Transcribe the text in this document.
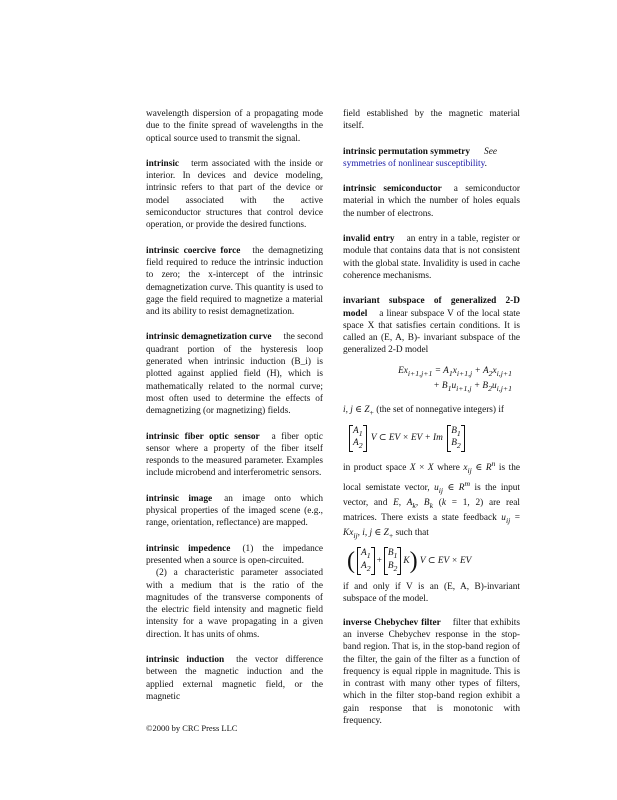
wavelength dispersion of a propagating mode due to the finite spread of wavelengths in the optical source used to transmit the signal.
intrinsic term associated with the inside or interior. In devices and device modeling, intrinsic refers to that part of the device or model associated with the active semiconductor structures that control device operation, or provide the desired functions.
intrinsic coercive force the demagnetizing field required to reduce the intrinsic induction to zero; the x-intercept of the intrinsic demagnetization curve. This quantity is used to gage the field required to magnetize a material and its ability to resist demagnetization.
intrinsic demagnetization curve the second quadrant portion of the hysteresis loop generated when intrinsic induction (B_i) is plotted against applied field (H), which is mathematically related to the normal curve; most often used to determine the effects of demagnetizing (or magnetizing) fields.
intrinsic fiber optic sensor a fiber optic sensor where a property of the fiber itself responds to the measured parameter. Examples include microbend and interferometric sensors.
intrinsic image an image onto which physical properties of the imaged scene (e.g., range, orientation, reflectance) are mapped.
intrinsic impedence (1) the impedance presented when a source is open-circuited.
(2) a characteristic parameter associated with a medium that is the ratio of the magnitudes of the transverse components of the electric field intensity and magnetic field intensity for a wave propagating in a given direction. It has units of ohms.
intrinsic induction the vector difference between the magnetic induction and the applied external magnetic field, or the magnetic
field established by the magnetic material itself.
intrinsic permutation symmetry See
symmetries of nonlinear susceptibility.
intrinsic semiconductor a semiconductor material in which the number of holes equals the number of electrons.
invalid entry an entry in a table, register or module that contains data that is not consistent with the global state. Invalidity is used in cache coherence mechanisms.
invariant subspace of generalized 2-D model a linear subspace V of the local state space X that satisfies certain conditions. It is called an (E, A, B)- invariant subspace of the generalized 2-D model
$Ex_{i+1,j+1} = A_1x_{i+1,j} + A_2x_{i,j+1}$
+ $B_1u_{i+1,j} + B_2u_{i,j+1}$
i, j ∈ $Z_+$ (the set of nonnegative integers) if
$A_1$
$A_2$
V ⊂ EV × EV + Im
$B_1$
$B_2$
in product space X × X where $x_{ij}$ ∈ $R^n$ is the local semistate vector, $u_{ij}$ ∈ $R^m$ is the input vector, and E, $A_k$, $B_k$ (k = 1, 2) are real matrices. There exists a state feedback $u_{ij} = Kx_{ij}$, i, j ∈ $Z_+$ such that
( $A_1$
$A_2$
+
$B_1$
$B_2$
K ) V ⊂ EV × EV
if and only if V is an (E, A, B)-invariant subspace of the model.
inverse Chebychev filter filter that exhibits an inverse Chebychev response in the stop-band region. That is, in the stop-band region of the filter, the gain of the filter as a function of frequency is equal ripple in magnitude. This is in contrast with many other types of filters, which in the filter stop-band region exhibit a gain response that is monotonic with frequency.
©2000 by CRC Press LLC
